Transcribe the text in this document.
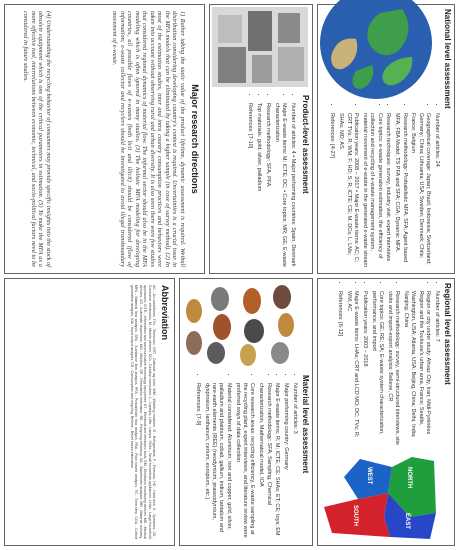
National level assessment
• Number of articles: 24
• Geographical coverage: Japan; Brazil; Indonesia; Switzerland; Germany; China; Lithuania; USA; Sweden; Denmark; Chile; France; Belgium
• Research methodology: Probabilistic MFA; SFA; Agent based MFA; FBA Model; TS PFA and SFA; CGA; Dynamic MFA.
• Research techniques: survey, industry visit, expert interviews
• Core topics: e-waste generation estimation, the efficiency of collection and recycling of e-waste management system, material movement of e-waste in the generated e-waste stream
• Publication years: 2008 – 2017 • Major E-waste items: AC; C; CRT TVs; R; WM; F; HD; S; R; ICTE; CE; M; DCs; L; LMs; SHAs; MD; AS.
• References: [4-27]
Regional level assessment
• Number of articles: 7
• Region or city under study: Ahvaz City, Iran; Midi-Pyrénées Region and the Toulouse's urban area, France; Seattle, Washington, USA; Atlanta, USA; Beijing, China; Delhi, India; Nanjing, China
• Research methodology: survey, semi-structured interviews, site visits and import-export analysis; Believe, CR
• Core topics: GE; RE; SA; E-waste system characterization, performance, and import
• Publication years: 2003 – 2018
• Major E-waste items: LHAs; CRT and LCD MO; DC; TVs; R; WM; AC
• References: [6-12]
NORTH
EAST
WEST
SOUTH
Product-level assessment
• Number of articles: 4 • Major performing countries: Spain, Denmark
• Major E-waste items: M; ICTE; DC; • Core topics: MR; GE; E-waste characterization
• Research methodology: SFA, PFA
• Top materials: gold, silver, palladium
• References: [7-10]
Material level assessment
• Number of articles: 3
• Major performing country: Germany
• Major E-waste items: R; M; ICTE; CE; SHAs; ET; CE; toys; EM
• Research methodology: SFA; Sampling, Chemical characterization, Mathematical model, IOA
• Core research areas: recycling efficiency, E-waste sampling at the recycling plant, expert interviews, and literature review were preferred ways of data collection
• Material considered: Aluminum, iron and copper, gold, silver, palladium and platinum, cobalt, gallium, indium, tantalum and rare-earth elements (REE) (neodymium, praseodymium, dysprosium, lanthanum, cerium, europium, etc.)
• References: [7-9]
Major research directions
1) Rather taking the static value of the product lifetime, dynamic assessment is required. Weibull distribution considering developing country's context is required. Uncertainties is a crucial issue in the MFA models that can be eliminated by taking a higher sample (in case of survey method). (2) In most of the estimation studies, inter and intra country consumption practices and behaviors were taken into account without observing rural and urban diversity. It is also seen there were few studies that considered regional dynamics of material flow. The informal sector should also be in the MFA modeling which is often ignored in many studies. (3) The holistic MFA modeling for developing countries, all possible flows of e-wastes (both licit and illicit) should be considered (flow of information; e-waste collector and recyclers should be investigated to avoid illegal transboundary movement of e-waste.
(4) Understanding the recycling behavior of consumers may provide specific insights into the stock of obsolete equipment which is one of the critical parameters in estimation. (5) To make the MFA as a more effective tool, interrelations between economic, technical, and socio-political factors need to be considered in future studies.
Abbreviation
AC - Air conditioner, TVs - Television, CRT - Cathode ray tube, WM - Washing machine, R - Refrigerators, F - Freezers, HD - Hard disk, S - Speakers, CE - Consumer electronics, M - Mobile phones, DCs - Desktop computers, L - Laptops, LMs - Lamps, SHAs - Small household appliances, LHAs - Large household appliances, ICTE - Information and communication technology equipment, ET - Electrical and electronic tools, EM - Electronic monitoring devices, MD - Medical devices, AS - Automatic dispensers, MO - Monitors, GE - Generation estimation, RE - Recycling efficiency, SA - Stakeholder analysis, MR - Material recovery, MFA - Material flow analysis, SFA - Substance flow analysis, PFA - Probabilistic flow analysis, FBA - Flow based analysis, TS - Time-step, CGA - Cohort generation analysis, IOA - Input output analysis, CR - Consumption and recycling, Believe - Belief based estimation.
